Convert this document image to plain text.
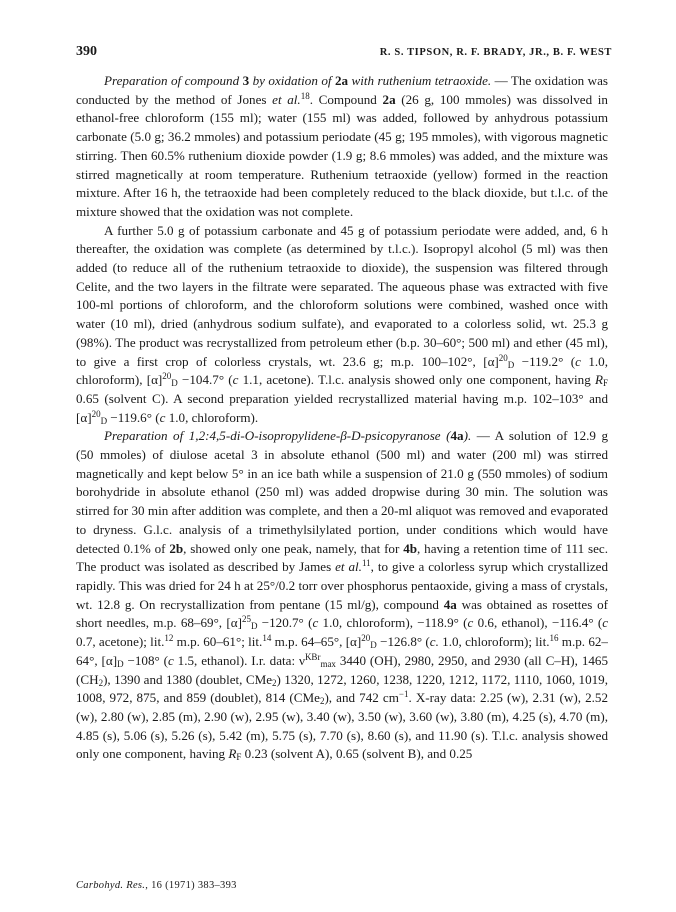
390	R. S. TIPSON, R. F. BRADY, JR., B. F. WEST

Preparation of compound 3 by oxidation of 2a with ruthenium tetraoxide. — The oxidation was conducted by the method of Jones et al.$^{18}$. Compound 2a (26 g, 100 mmoles) was dissolved in ethanol-free chloroform (155 ml); water (155 ml) was added, followed by anhydrous potassium carbonate (5.0 g; 36.2 mmoles) and potassium periodate (45 g; 195 mmoles), with vigorous magnetic stirring. Then 60.5% ruthenium dioxide powder (1.9 g; 8.6 mmoles) was added, and the mixture was stirred magnetically at room temperature. Ruthenium tetraoxide (yellow) formed in the reaction mixture. After 16 h, the tetraoxide had been completely reduced to the black dioxide, but t.l.c. of the mixture showed that the oxidation was not complete.

A further 5.0 g of potassium carbonate and 45 g of potassium periodate were added, and, 6 h thereafter, the oxidation was complete (as determined by t.l.c.). Isopropyl alcohol (5 ml) was then added (to reduce all of the ruthenium tetraoxide to dioxide), the suspension was filtered through Celite, and the two layers in the filtrate were separated. The aqueous phase was extracted with five 100-ml portions of chloroform, and the chloroform solutions were combined, washed once with water (10 ml), dried (anhydrous sodium sulfate), and evaporated to a colorless solid, wt. 25.3 g (98%). The product was recrystallized from petroleum ether (b.p. 30–60°; 500 ml) and ether (45 ml), to give a first crop of colorless crystals, wt. 23.6 g; m.p. 100–102°, $[\alpha]^{20}_D -119.2^\circ$ (c 1.0, chloroform), $[\alpha]^{20}_D -104.7^\circ$ (c 1.1, acetone). T.l.c. analysis showed only one component, having $R_F$ 0.65 (solvent C). A second preparation yielded recrystallized material having m.p. 102–103° and $[\alpha]^{20}_D -119.6^\circ$ (c 1.0, chloroform).

Preparation of 1,2:4,5-di-O-isopropylidene-β-D-psicopyranose (4a). — A solution of 12.9 g (50 mmoles) of diulose acetal 3 in absolute ethanol (500 ml) and water (200 ml) was stirred magnetically and kept below 5° in an ice bath while a suspension of 21.0 g (550 mmoles) of sodium borohydride in absolute ethanol (250 ml) was added dropwise during 30 min. The solution was stirred for 30 min after addition was complete, and then a 20-ml aliquot was removed and evaporated to dryness. G.l.c. analysis of a trimethylsilylated portion, under conditions which would have detected 0.1% of 2b, showed only one peak, namely, that for 4b, having a retention time of 111 sec. The product was isolated as described by James et al.$^{11}$, to give a colorless syrup which crystallized rapidly. This was dried for 24 h at 25°/0.2 torr over phosphorus pentaoxide, giving a mass of crystals, wt. 12.8 g. On recrystallization from pentane (15 ml/g), compound 4a was obtained as rosettes of short needles, m.p. 68–69°, $[\alpha]^{25}_D -120.7^\circ$ (c 1.0, chloroform), −118.9° (c 0.6, ethanol), −116.4° (c 0.7, acetone); lit.$^{12}$ m.p. 60–61°; lit.$^{14}$ m.p. 64–65°, $[\alpha]^{20}_D -126.8^\circ$ (c. 1.0, chloroform); lit.$^{16}$ m.p. 62–64°, $[\alpha]_D -108^\circ$ (c 1.5, ethanol). I.r. data: $\nu^{KBr}_{max}$ 3440 (OH), 2980, 2950, and 2930 (all C–H), 1465 $(CH_2)$, 1390 and 1380 (doublet, CMe$_2$) 1320, 1272, 1260, 1238, 1220, 1212, 1172, 1110, 1060, 1019, 1008, 972, 875, and 859 (doublet), 814 (CMe$_2$), and 742 $cm^{-1}$. X-ray data: 2.25 (w), 2.31 (w), 2.52 (w), 2.80 (w), 2.85 (m), 2.90 (w), 2.95 (w), 3.40 (w), 3.50 (w), 3.60 (w), 3.80 (m), 4.25 (s), 4.70 (m), 4.85 (s), 5.06 (s), 5.26 (s), 5.42 (m), 5.75 (s), 7.70 (s), 8.60 (s), and 11.90 (s). T.l.c. analysis showed only one component, having $R_F$ 0.23 (solvent A), 0.65 (solvent B), and 0.25

Carbohyd. Res., 16 (1971) 383–393
